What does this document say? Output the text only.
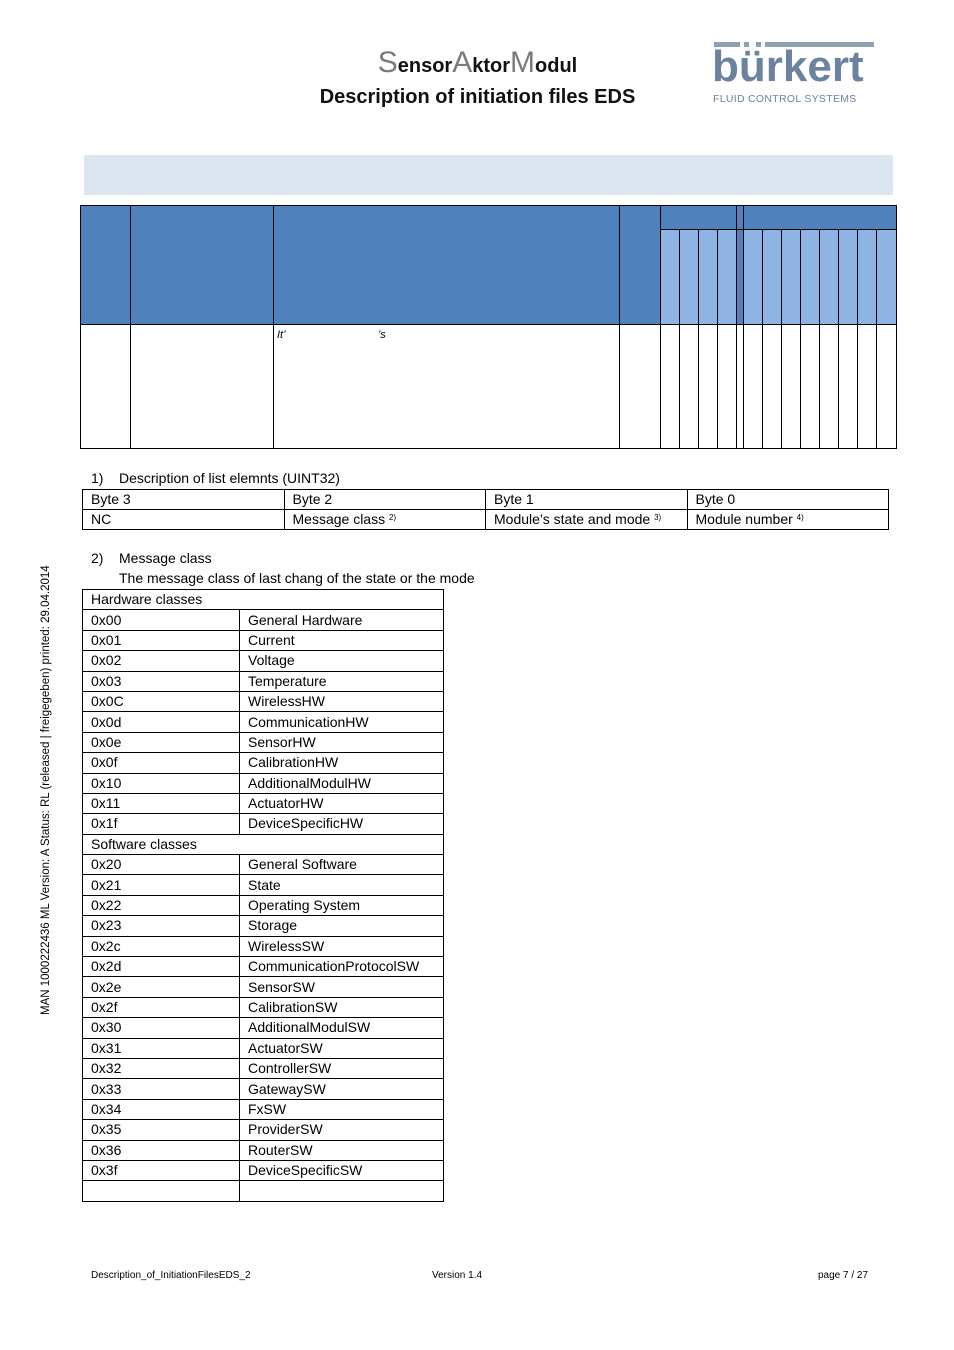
SensorAktorModul
Description of initiation files EDS
bürkert
FLUID CONTROL SYSTEMS
It’	’s
1) Description of list elemnts (UINT32)
Byte 3	Byte 2	Byte 1	Byte 0
NC	Message class $^{2)}$	Module’s state and mode $^{3)}$	Module number $^{4)}$
2) Message class
The message class of last chang of the state or the mode
Hardware classes	
0x00	General Hardware
0x01	Current
0x02	Voltage
0x03	Temperature
0x0C	WirelessHW
0x0d	CommunicationHW
0x0e	SensorHW
0x0f	CalibrationHW
0x10	AdditionalModulHW
0x11	ActuatorHW
0x1f	DeviceSpecificHW
Software classes	
0x20	General Software
0x21	State
0x22	Operating System
0x23	Storage
0x2c	WirelessSW
0x2d	CommunicationProtocolSW
0x2e	SensorSW
0x2f	CalibrationSW
0x30	AdditionalModulSW
0x31	ActuatorSW
0x32	ControllerSW
0x33	GatewaySW
0x34	FxSW
0x35	ProviderSW
0x36	RouterSW
0x3f	DeviceSpecificSW

MAN 1000222436 ML Version: A Status: RL (released | freigegeben) printed: 29.04.2014
Description_of_InitiationFilesEDS_2	Version 1.4	page 7 / 27
